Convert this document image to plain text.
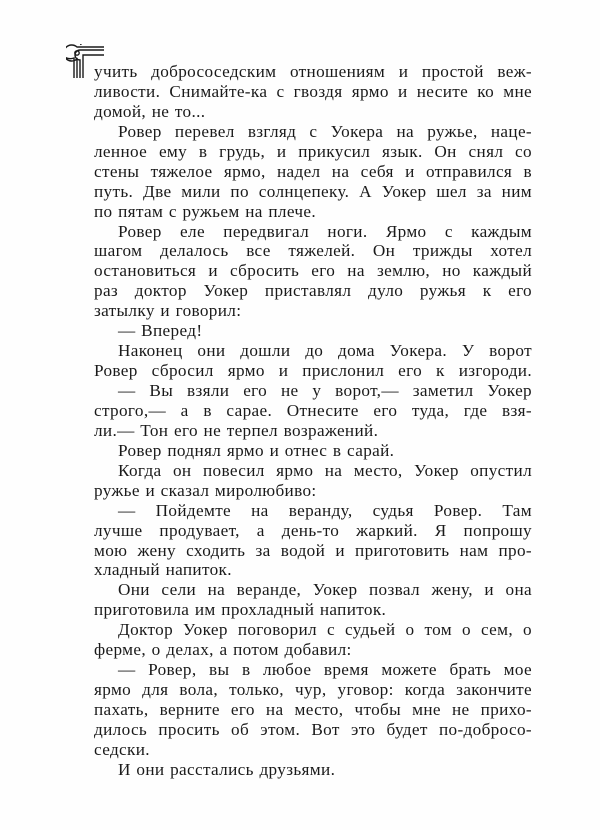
учить добрососедским отношениям и простой веж-
ливости. Снимайте-ка с гвоздя ярмо и несите ко мне
домой, не то...
Ровер перевел взгляд с Уокера на ружье, наце-
ленное ему в грудь, и прикусил язык. Он снял со
стены тяжелое ярмо, надел на себя и отправился в
путь. Две мили по солнцепеку. А Уокер шел за ним
по пятам с ружьем на плече.
Ровер еле передвигал ноги. Ярмо с каждым
шагом делалось все тяжелей. Он трижды хотел
остановиться и сбросить его на землю, но каждый
раз доктор Уокер приставлял дуло ружья к его
затылку и говорил:
— Вперед!
Наконец они дошли до дома Уокера. У ворот
Ровер сбросил ярмо и прислонил его к изгороди.
— Вы взяли его не у ворот,— заметил Уокер
строго,— а в сарае. Отнесите его туда, где взя-
ли.— Тон его не терпел возражений.
Ровер поднял ярмо и отнес в сарай.
Когда он повесил ярмо на место, Уокер опустил
ружье и сказал миролюбиво:
— Пойдемте на веранду, судья Ровер. Там
лучше продувает, а день-то жаркий. Я попрошу
мою жену сходить за водой и приготовить нам про-
хладный напиток.
Они сели на веранде, Уокер позвал жену, и она
приготовила им прохладный напиток.
Доктор Уокер поговорил с судьей о том о сем, о
ферме, о делах, а потом добавил:
— Ровер, вы в любое время можете брать мое
ярмо для вола, только, чур, уговор: когда закончите
пахать, верните его на место, чтобы мне не прихо-
дилось просить об этом. Вот это будет по-добросо-
седски.
И они расстались друзьями.
